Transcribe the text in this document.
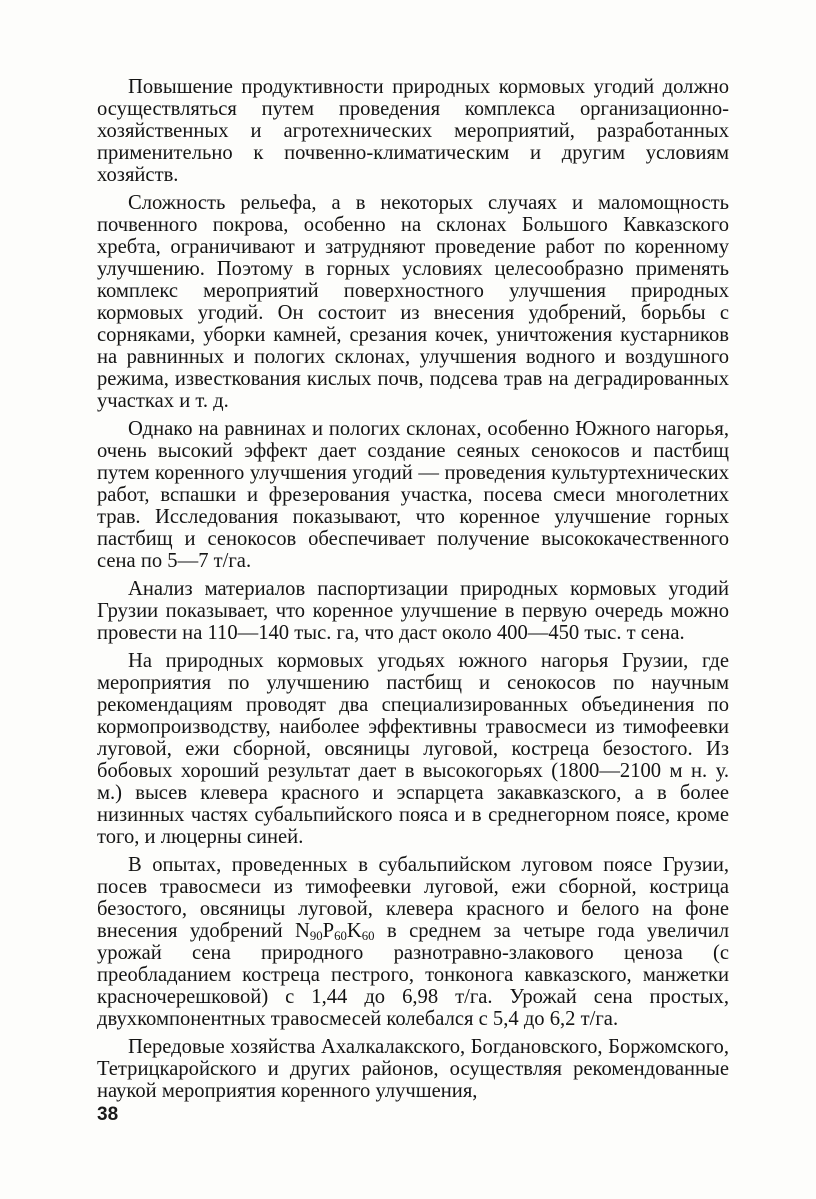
Повышение продуктивности природных кормовых угодий должно осуществляться путем проведения комплекса организационно-хозяйственных и агротехнических мероприятий, разработанных применительно к почвенно-климатическим и другим условиям хозяйств.

Сложность рельефа, а в некоторых случаях и маломощность почвенного покрова, особенно на склонах Большого Кавказского хребта, ограничивают и затрудняют проведение работ по коренному улучшению. Поэтому в горных условиях целесообразно применять комплекс мероприятий поверхностного улучшения природных кормовых угодий. Он состоит из внесения удобрений, борьбы с сорняками, уборки камней, срезания кочек, уничтожения кустарников на равнинных и пологих склонах, улучшения водного и воздушного режима, известкования кислых почв, подсева трав на деградированных участках и т. д.

Однако на равнинах и пологих склонах, особенно Южного нагорья, очень высокий эффект дает создание сеяных сенокосов и пастбищ путем коренного улучшения угодий — проведения культуртехнических работ, вспашки и фрезерования участка, посева смеси многолетних трав. Исследования показывают, что коренное улучшение горных пастбищ и сенокосов обеспечивает получение высококачественного сена по 5—7 т/га.

Анализ материалов паспортизации природных кормовых угодий Грузии показывает, что коренное улучшение в первую очередь можно провести на 110—140 тыс. га, что даст около 400—450 тыс. т сена.

На природных кормовых угодьях южного нагорья Грузии, где мероприятия по улучшению пастбищ и сенокосов по научным рекомендациям проводят два специализированных объединения по кормопроизводству, наиболее эффективны травосмеси из тимофеевки луговой, ежи сборной, овсяницы луговой, костреца безостого. Из бобовых хороший результат дает в высокогорьях (1800—2100 м н. у. м.) высев клевера красного и эспарцета закавказского, а в более низинных частях субальпийского пояса и в среднегорном поясе, кроме того, и люцерны синей.

В опытах, проведенных в субальпийском луговом поясе Грузии, посев травосмеси из тимофеевки луговой, ежи сборной, кострица безостого, овсяницы луговой, клевера красного и белого на фоне внесения удобрений $N_{90}P_{60}K_{60}$ в среднем за четыре года увеличил урожай сена природного разнотравно-злакового ценоза (с преобладанием костреца пестрого, тонконога кавказского, манжетки красночерешковой) с 1,44 до 6,98 т/га. Урожай сена простых, двухкомпонентных травосмесей колебался с 5,4 до 6,2 т/га.

Передовые хозяйства Ахалкалакского, Богдановского, Боржомского, Тетрицкаройского и других районов, осуществляя рекомендованные наукой мероприятия коренного улучшения,

38
